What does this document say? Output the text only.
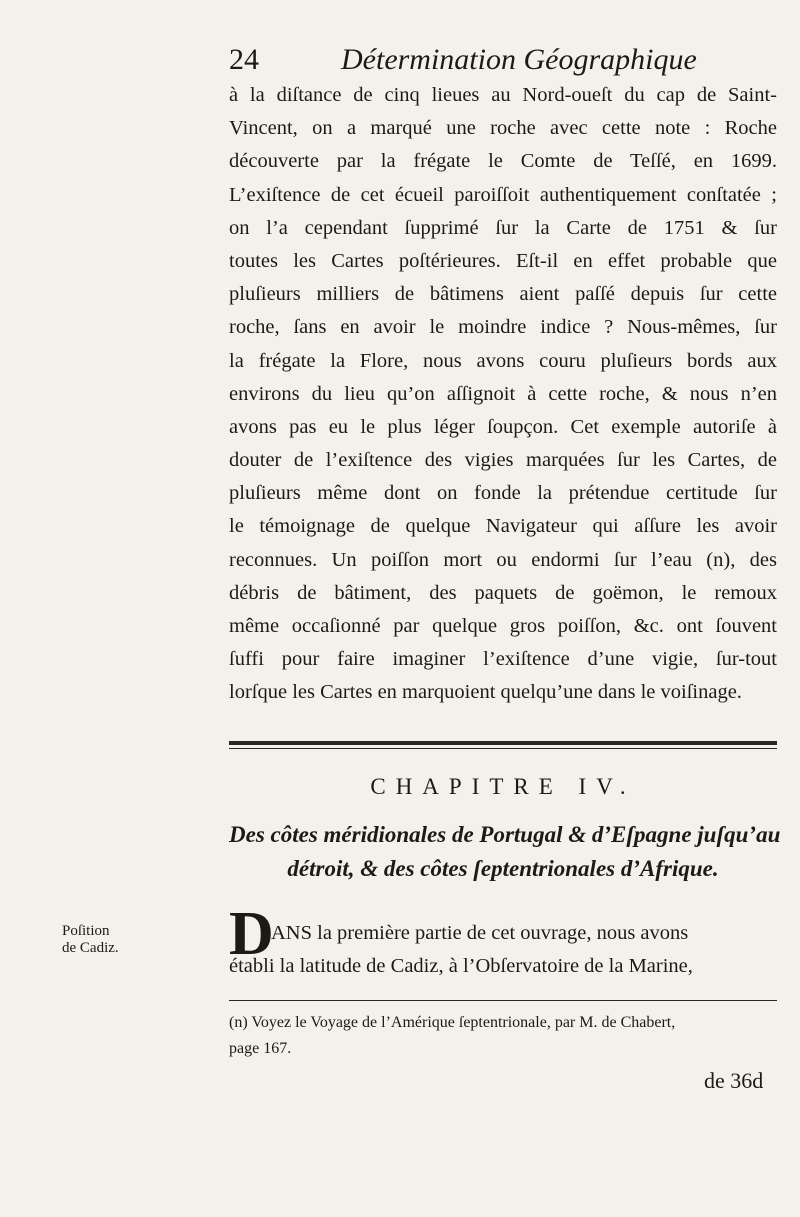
24	Détermination Géographique
à la diſtance de cinq lieues au Nord-oueſt du cap de Saint-
Vincent, on a marqué une roche avec cette note : Roche
découverte par la frégate le Comte de Teſſé, en 1699.
L’exiſtence de cet écueil paroiſſoit authentiquement conſtatée ;
on l’a cependant ſupprimé ſur la Carte de 1751 & ſur
toutes les Cartes poſtérieures. Eſt-il en effet probable que
pluſieurs milliers de bâtimens aient paſſé depuis ſur cette
roche, ſans en avoir le moindre indice ? Nous-mêmes, ſur
la frégate la Flore, nous avons couru pluſieurs bords aux
environs du lieu qu’on aſſignoit à cette roche, & nous n’en
avons pas eu le plus léger ſoupçon. Cet exemple autoriſe à
douter de l’exiſtence des vigies marquées ſur les Cartes, de
pluſieurs même dont on fonde la prétendue certitude ſur
le témoignage de quelque Navigateur qui aſſure les avoir
reconnues. Un poiſſon mort ou endormi ſur l’eau (n), des
débris de bâtiment, des paquets de goëmon, le remoux
même occaſionné par quelque gros poiſſon, &c. ont ſouvent
ſuffi pour faire imaginer l’exiſtence d’une vigie, ſur-tout
lorſque les Cartes en marquoient quelqu’une dans le voiſinage.
CHAPITRE IV.
Des côtes méridionales de Portugal & d’Eſpagne juſqu’au
détroit, & des côtes ſeptentrionales d’Afrique.
Poſition
de Cadiz.	D
ANS la première partie de cet ouvrage, nous avons
établi la latitude de Cadiz, à l’Obſervatoire de la Marine,
(n) Voyez le Voyage de l’Amérique ſeptentrionale, par M. de Chabert,
page 167.
de 36d
